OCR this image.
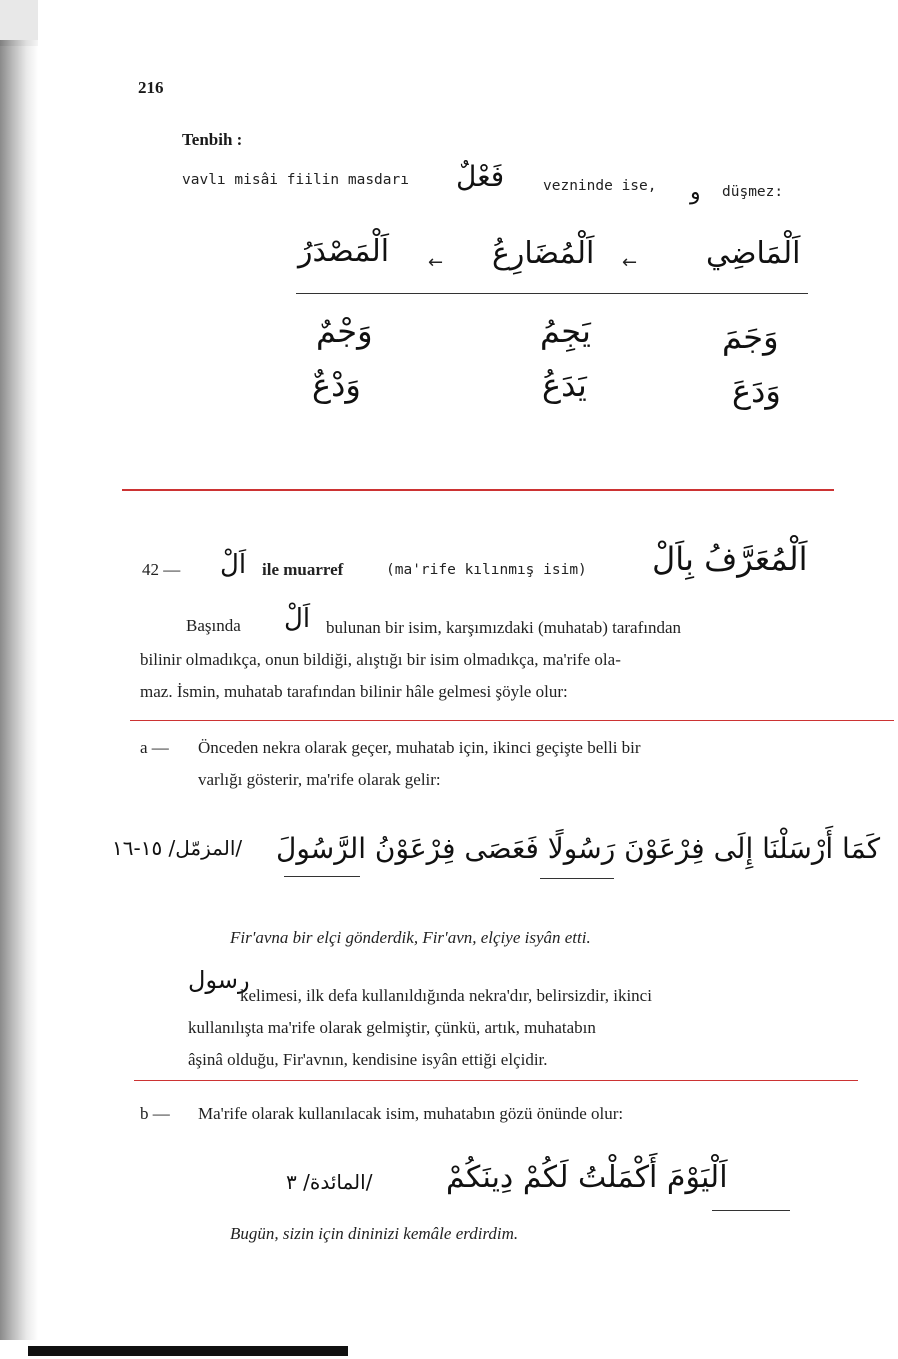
216
Tenbih :
vavlı misâi fiilin masdarı فَعْلٌ	vezninde ise, و düşmez:
اَلْمَاضِي
←
اَلْمُضَارِعُ
←
اَلْمَصْدَرُ
وَجَمَ
يَجِمُ
وَجْمٌ
وَدَعَ
يَدَعُ
وَدْعٌ
42 — اَلْ ile muarref	(ma'rife kılınmış isim) اَلْمُعَرَّفُ بِاَلْ
Başında اَلْ bulunan bir isim, karşımızdaki (muhatab) tarafından
bilinir olmadıkça, onun bildiği, alıştığı bir isim olmadıkça, ma'rife ola-
maz. İsmin, muhatab tarafından bilinir hâle gelmesi şöyle olur:
a — Önceden nekra olarak geçer, muhatab için, ikinci geçişte belli bir
varlığı gösterir, ma'rife olarak gelir:
كَمَا أَرْسَلْنَا إِلَى فِرْعَوْنَ رَسُولًا فَعَصَى فِرْعَوْنُ الرَّسُولَ
/المزمّل/ ١٥-١٦
Fir'avna bir elçi gönderdik, Fir'avn, elçiye isyân etti.
رسول
kelimesi, ilk defa kullanıldığında nekra'dır, belirsizdir, ikinci
kullanılışta ma'rife olarak gelmiştir, çünkü, artık, muhatabın
âşinâ olduğu, Fir'avnın, kendisine isyân ettiği elçidir.
b — Ma'rife olarak kullanılacak isim, muhatabın gözü önünde olur:
اَلْيَوْمَ أَكْمَلْتُ لَكُمْ دِينَكُمْ
/المائدة/ ٣
Bugün, sizin için dininizi kemâle erdirdim.
